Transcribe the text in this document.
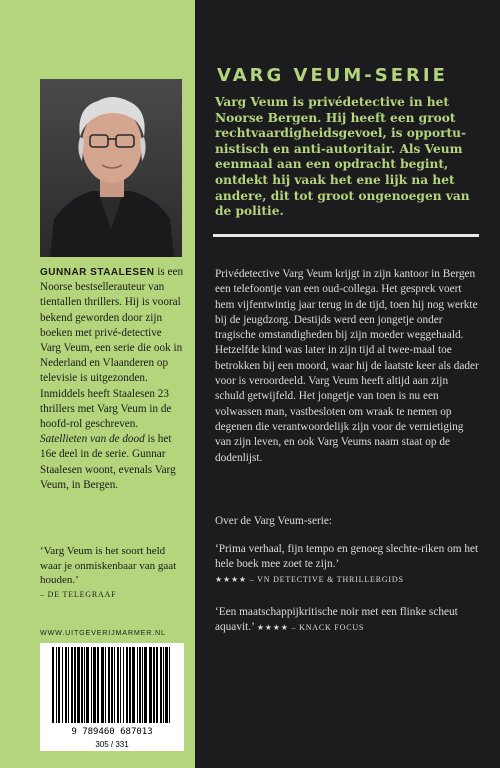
GUNNAR STAALESEN is een Noorse bestsellerauteur van tientallen thrillers. Hij is vooral bekend geworden door zijn boeken met privé-detective Varg Veum, een serie die ook in Nederland en Vlaanderen op televisie is uitgezonden. Inmiddels heeft Staalesen 23 thrillers met Varg Veum in de hoofd-rol geschreven. Satellieten van de dood is het 16e deel in de serie. Gunnar Staalesen woont, evenals Varg Veum, in Bergen.
‘Varg Veum is het soort held waar je onmiskenbaar van gaat houden.’
– DE TELEGRAAF
WWW.UITGEVERIJMARMER.NL
9 789460 687013
305 / 331
VARG VEUM-SERIE
Varg Veum is privédetective in het Noorse Bergen. Hij heeft een groot rechtvaardigheidsgevoel, is opportu-nistisch en anti-autoritair. Als Veum eenmaal aan een opdracht begint, ontdekt hij vaak het ene lijk na het andere, dit tot groot ongenoegen van de politie.
Privédetective Varg Veum krijgt in zijn kantoor in Bergen een telefoontje van een oud-collega. Het gesprek voert hem vijfentwintig jaar terug in de tijd, toen hij nog werkte bij de jeugdzorg. Destijds werd een jongetje onder tragische omstandigheden bij zijn moeder weggehaald. Hetzelfde kind was later in zijn tijd al twee-maal toe betrokken bij een moord, waar hij de laatste keer als dader voor is veroordeeld. Varg Veum heeft altijd aan zijn schuld getwijfeld. Het jongetje van toen is nu een volwassen man, vastbesloten om wraak te nemen op degenen die verantwoordelijk zijn voor de vernietiging van zijn leven, en ook Varg Veums naam staat op de dodenlijst.
Over de Varg Veum-serie:
‘Prima verhaal, fijn tempo en genoeg slechte-riken om het hele boek mee zoet te zijn.’
★★★★ – VN DETECTIVE & THRILLERGIDS
‘Een maatschappijkritische noir met een flinke scheut aquavit.’ ★★★★ – KNACK FOCUS
